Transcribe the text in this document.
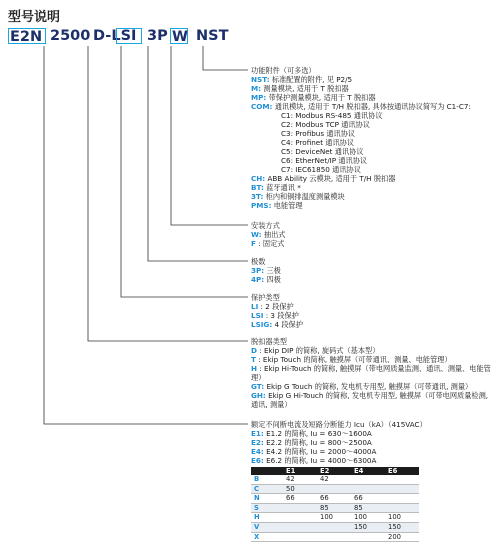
型号说明
E2N 2500 D-LSI 3P W NST
功能附件（可多选）
NST: 标准配置的附件, 见 P2/5
M: 测量模块, 适用于 T 脱扣器
MP: 带保护测量模块, 适用于 T 脱扣器
COM: 通讯模块, 适用于 T/H 脱扣器, 具体按通讯协议简写为 C1-C7:
C1: Modbus RS-485 通讯协议
C2: Modbus TCP 通讯协议
C3: Profibus 通讯协议
C4: Profinet 通讯协议
C5: DeviceNet 通讯协议
C6: EtherNet/IP 通讯协议
C7: IEC61850 通讯协议
CH: ABB Ability 云模块, 适用于 T/H 脱扣器
BT: 蓝牙通讯 *
3T: 柜内和铜排温度测量模块
PMS: 电能管理
安装方式
W: 抽出式
F : 固定式
极数
3P: 三极
4P: 四极
保护类型
LI : 2 段保护
LSI : 3 段保护
LSIG: 4 段保护
脱扣器类型
D : Ekip DIP 的简称, 旋码式（基本型）
T : Ekip Touch 的简称, 触摸屏（可带通讯、测量、电能管理）
H : Ekip Hi-Touch 的简称, 触摸屏（带电网质量监测、通讯、测量、电能管理）
GT: Ekip G Touch 的简称, 发电机专用型, 触摸屏（可带通讯, 测量）
GH: Ekip G Hi-Touch 的简称, 发电机专用型, 触摸屏（可带电网质量检测, 通讯, 测量）
额定不间断电流及短路分断能力 Icu（kA）（415VAC）
E1: E1.2 的简称, Iu = 630～1600A
E2: E2.2 的简称, Iu = 800～2500A
E4: E4.2 的简称, Iu = 2000～4000A
E6: E6.2 的简称, Iu = 4000～6300A
	E1	E2	E4	E6
B	42	42		
C	50			
N	66	66	66	
S		85	85	
H		100	100	100
V			150	150
X				200
